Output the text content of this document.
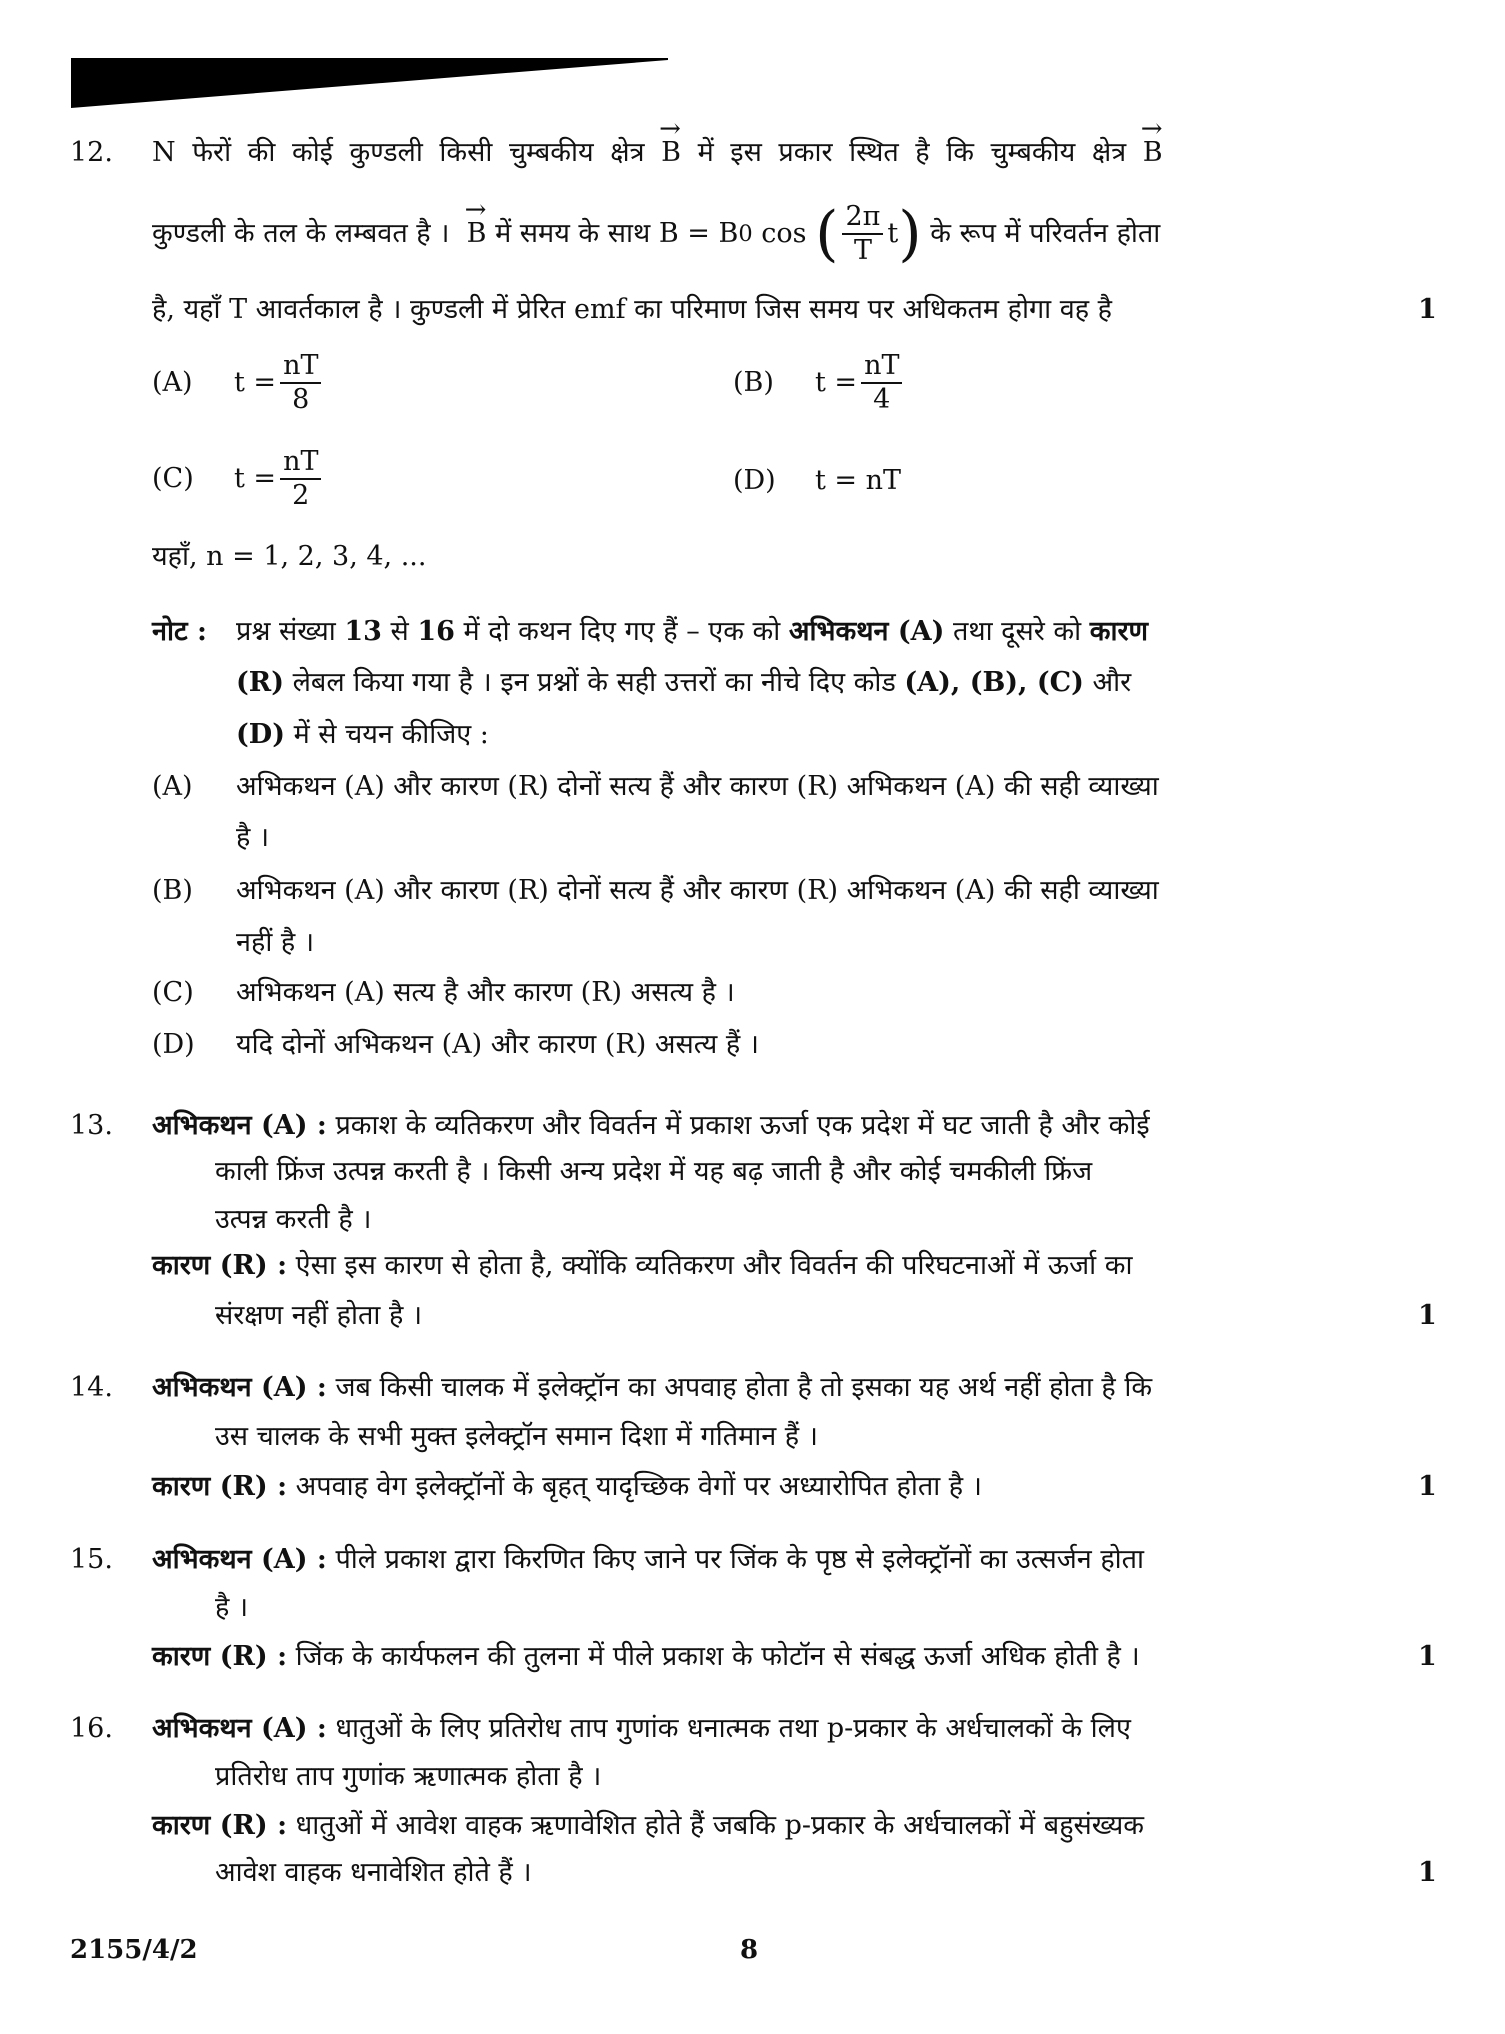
12. N फेरों की कोई कुण्डली किसी चुम्बकीय क्षेत्र → B में इस प्रकार स्थित है कि चुम्बकीय क्षेत्र → B
कुण्डली के तल के लम्बवत है ।
→ B
में समय के साथ B = B 0
cos
( $\frac{2\pi}{T}$ t )
के रूप में परिवर्तन होता
है, यहाँ T आवर्तकाल है । कुण्डली में प्रेरित emf का परिमाण जिस समय पर अधिकतम होगा वह है	1
(A)	$t = \frac{nT}{8}$	(B)	$t = \frac{nT}{4}$
(C)	$t = \frac{nT}{2}$	(D)	t = nT
यहाँ, n = 1, 2, 3, 4, ...
नोट : प्रश्न संख्या 13 से 16 में दो कथन दिए गए हैं – एक को अभिकथन (A) तथा दूसरे को कारण
(R) लेबल किया गया है । इन प्रश्नों के सही उत्तरों का नीचे दिए कोड (A), (B), (C) और
(D) में से चयन कीजिए :
(A) अभिकथन (A) और कारण (R) दोनों सत्य हैं और कारण (R) अभिकथन (A) की सही व्याख्या
है ।
(B) अभिकथन (A) और कारण (R) दोनों सत्य हैं और कारण (R) अभिकथन (A) की सही व्याख्या
नहीं है ।
(C) अभिकथन (A) सत्य है और कारण (R) असत्य है ।
(D) यदि दोनों अभिकथन (A) और कारण (R) असत्य हैं ।
13. अभिकथन (A) : प्रकाश के व्यतिकरण और विवर्तन में प्रकाश ऊर्जा एक प्रदेश में घट जाती है और कोई
काली फ्रिंज उत्पन्न करती है । किसी अन्य प्रदेश में यह बढ़ जाती है और कोई चमकीली फ्रिंज
उत्पन्न करती है ।
कारण (R) : ऐसा इस कारण से होता है, क्योंकि व्यतिकरण और विवर्तन की परिघटनाओं में ऊर्जा का
संरक्षण नहीं होता है ।	1
14. अभिकथन (A) : जब किसी चालक में इलेक्ट्रॉन का अपवाह होता है तो इसका यह अर्थ नहीं होता है कि
उस चालक के सभी मुक्त इलेक्ट्रॉन समान दिशा में गतिमान हैं ।
कारण (R) : अपवाह वेग इलेक्ट्रॉनों के बृहत् यादृच्छिक वेगों पर अध्यारोपित होता है ।	1
15. अभिकथन (A) : पीले प्रकाश द्वारा किरणित किए जाने पर जिंक के पृष्ठ से इलेक्ट्रॉनों का उत्सर्जन होता
है ।
कारण (R) : जिंक के कार्यफलन की तुलना में पीले प्रकाश के फोटॉन से संबद्ध ऊर्जा अधिक होती है ।	1
16. अभिकथन (A) : धातुओं के लिए प्रतिरोध ताप गुणांक धनात्मक तथा p-प्रकार के अर्धचालकों के लिए
प्रतिरोध ताप गुणांक ऋणात्मक होता है ।
कारण (R) : धातुओं में आवेश वाहक ऋणावेशित होते हैं जबकि p-प्रकार के अर्धचालकों में बहुसंख्यक
आवेश वाहक धनावेशित होते हैं ।	1
2155/4/2	8
